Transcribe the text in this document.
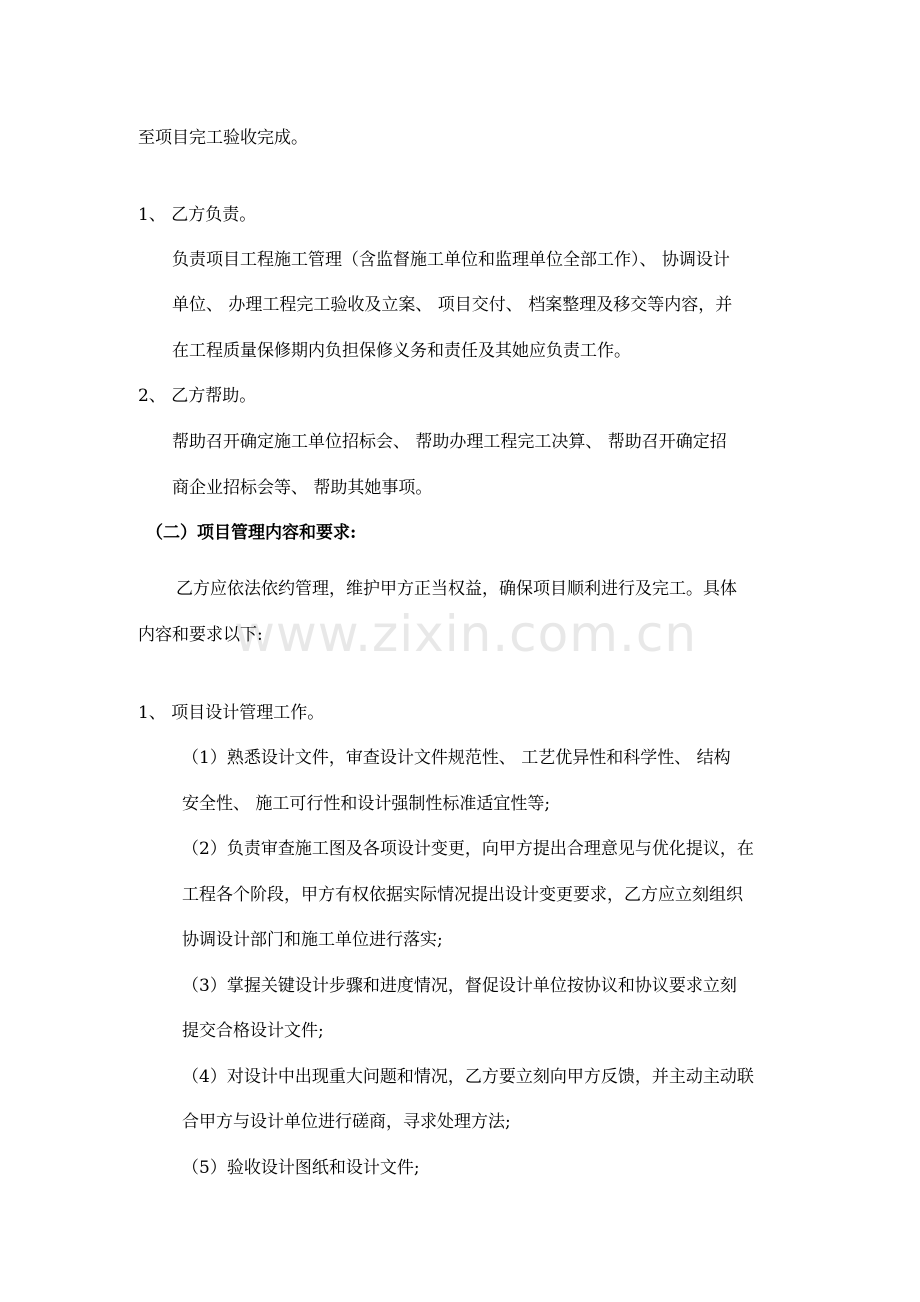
www.zixin.com.cn
至项目完工验收完成。
1、 乙方负责。
负责项目工程施工管理（含监督施工单位和监理单位全部工作）、 协调设计
单位、 办理工程完工验收及立案、 项目交付、 档案整理及移交等内容，并
在工程质量保修期内负担保修义务和责任及其她应负责工作。
2、 乙方帮助。
帮助召开确定施工单位招标会、 帮助办理工程完工决算、 帮助召开确定招
商企业招标会等、 帮助其她事项。
（二）项目管理内容和要求:
乙方应依法依约管理，维护甲方正当权益，确保项目顺利进行及完工。具体
内容和要求以下:
1、 项目设计管理工作。
（1）熟悉设计文件，审查设计文件规范性、 工艺优异性和科学性、 结构
安全性、 施工可行性和设计强制性标准适宜性等;
（2）负责审查施工图及各项设计变更，向甲方提出合理意见与优化提议，在
工程各个阶段，甲方有权依据实际情况提出设计变更要求，乙方应立刻组织
协调设计部门和施工单位进行落实;
（3）掌握关键设计步骤和进度情况，督促设计单位按协议和协议要求立刻
提交合格设计文件;
（4）对设计中出现重大问题和情况，乙方要立刻向甲方反馈，并主动主动联
合甲方与设计单位进行磋商，寻求处理方法;
（5）验收设计图纸和设计文件;
